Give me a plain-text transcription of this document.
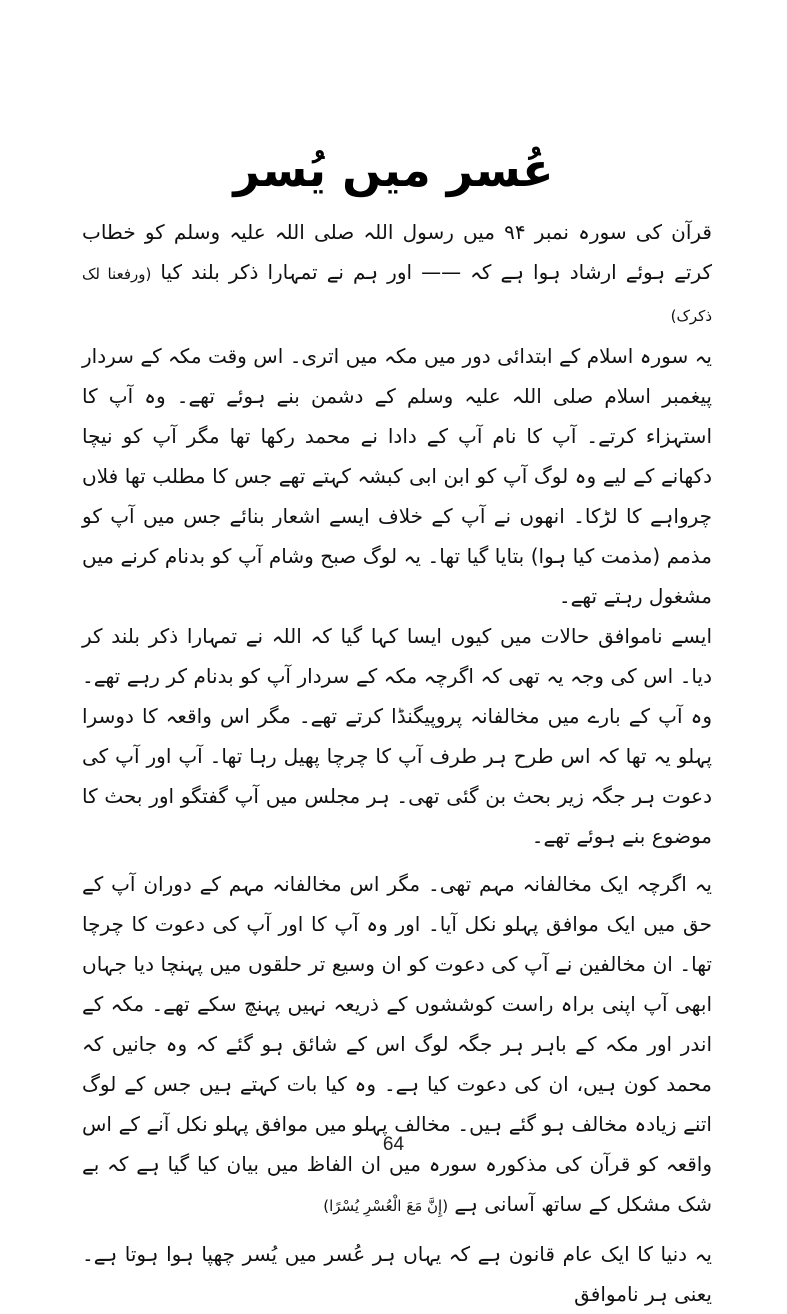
عُسر میں یُسر

قرآن کی سورہ نمبر ۹۴ میں رسول اللہ صلی اللہ علیہ وسلم کو خطاب کرتے ہوئے ارشاد ہوا ہے کہ —— اور ہم نے تمہارا ذکر بلند کیا (ورفعنا لک ذکرک)

یہ سورہ اسلام کے ابتدائی دور میں مکہ میں اتری۔ اس وقت مکہ کے سردار پیغمبر اسلام صلی اللہ علیہ وسلم کے دشمن بنے ہوئے تھے۔ وہ آپ کا استہزاء کرتے۔ آپ کا نام آپ کے دادا نے محمد رکھا تھا مگر آپ کو نیچا دکھانے کے لیے وہ لوگ آپ کو ابن ابی کبشہ کہتے تھے جس کا مطلب تھا فلاں چرواہے کا لڑکا۔ انھوں نے آپ کے خلاف ایسے اشعار بنائے جس میں آپ کو مذمم (مذمت کیا ہوا) بتایا گیا تھا۔ یہ لوگ صبح وشام آپ کو بدنام کرنے میں مشغول رہتے تھے۔

ایسے ناموافق حالات میں کیوں ایسا کہا گیا کہ اللہ نے تمہارا ذکر بلند کر دیا۔ اس کی وجہ یہ تھی کہ اگرچہ مکہ کے سردار آپ کو بدنام کر رہے تھے۔ وہ آپ کے بارے میں مخالفانہ پروپیگنڈا کرتے تھے۔ مگر اس واقعہ کا دوسرا پہلو یہ تھا کہ اس طرح ہر طرف آپ کا چرچا پھیل رہا تھا۔ آپ اور آپ کی دعوت ہر جگہ زیر بحث بن گئی تھی۔ ہر مجلس میں آپ گفتگو اور بحث کا موضوع بنے ہوئے تھے۔

یہ اگرچہ ایک مخالفانہ مہم تھی۔ مگر اس مخالفانہ مہم کے دوران آپ کے حق میں ایک موافق پہلو نکل آیا۔ اور وہ آپ کا اور آپ کی دعوت کا چرچا تھا۔ ان مخالفین نے آپ کی دعوت کو ان وسیع تر حلقوں میں پہنچا دیا جہاں ابھی آپ اپنی براہ راست کوششوں کے ذریعہ نہیں پہنچ سکے تھے۔ مکہ کے اندر اور مکہ کے باہر ہر جگہ لوگ اس کے شائق ہو گئے کہ وہ جانیں کہ محمد کون ہیں، ان کی دعوت کیا ہے۔ وہ کیا بات کہتے ہیں جس کے لوگ اتنے زیادہ مخالف ہو گئے ہیں۔ مخالف پہلو میں موافق پہلو نکل آنے کے اس واقعہ کو قرآن کی مذکورہ سورہ میں ان الفاظ میں بیان کیا گیا ہے کہ بے شک مشکل کے ساتھ آسانی ہے (إِنَّ مَعَ الْعُسْرِ يُسْرًا)

یہ دنیا کا ایک عام قانون ہے کہ یہاں ہر عُسر میں یُسر چھپا ہوا ہوتا ہے۔ یعنی ہر ناموافق

64
